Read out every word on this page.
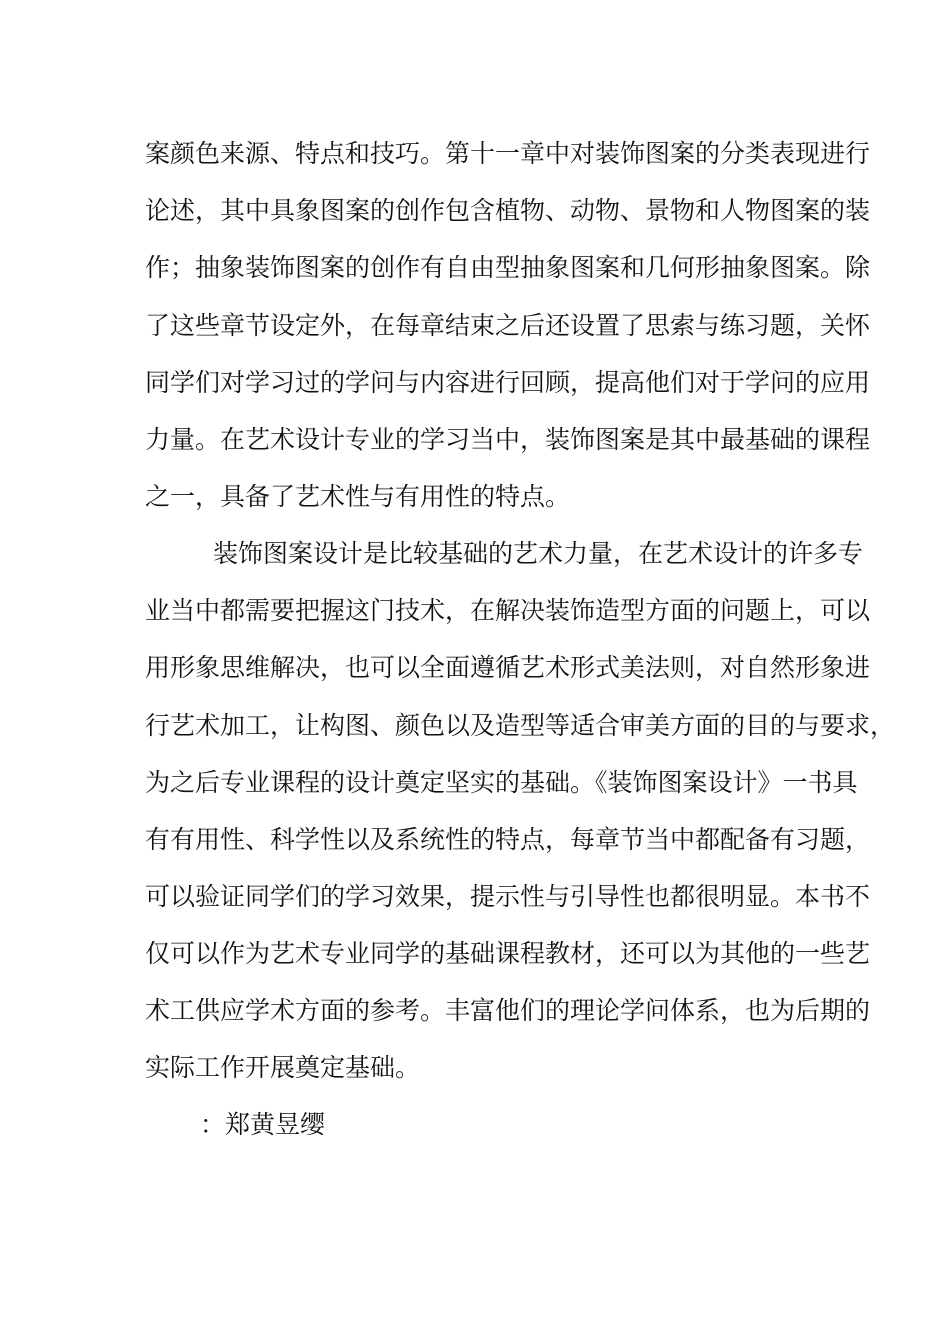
案颜色来源、特点和技巧。第十一章中对装饰图案的分类表现进行
论述，其中具象图案的创作包含植物、动物、景物和人物图案的装
作；抽象装饰图案的创作有自由型抽象图案和几何形抽象图案。除
了这些章节设定外，在每章结束之后还设置了思索与练习题，关怀
同学们对学习过的学问与内容进行回顾，提高他们对于学问的应用
力量。在艺术设计专业的学习当中，装饰图案是其中最基础的课程
之一，具备了艺术性与有用性的特点。
装饰图案设计是比较基础的艺术力量，在艺术设计的许多专
业当中都需要把握这门技术，在解决装饰造型方面的问题上，可以
用形象思维解决，也可以全面遵循艺术形式美法则，对自然形象进
行艺术加工，让构图、颜色以及造型等适合审美方面的目的与要求，
为之后专业课程的设计奠定坚实的基础。《装饰图案设计》一书具
有有用性、科学性以及系统性的特点，每章节当中都配备有习题，
可以验证同学们的学习效果，提示性与引导性也都很明显。本书不
仅可以作为艺术专业同学的基础课程教材，还可以为其他的一些艺
术工供应学术方面的参考。丰富他们的理论学问体系，也为后期的
实际工作开展奠定基础。
：郑黄昱缨
